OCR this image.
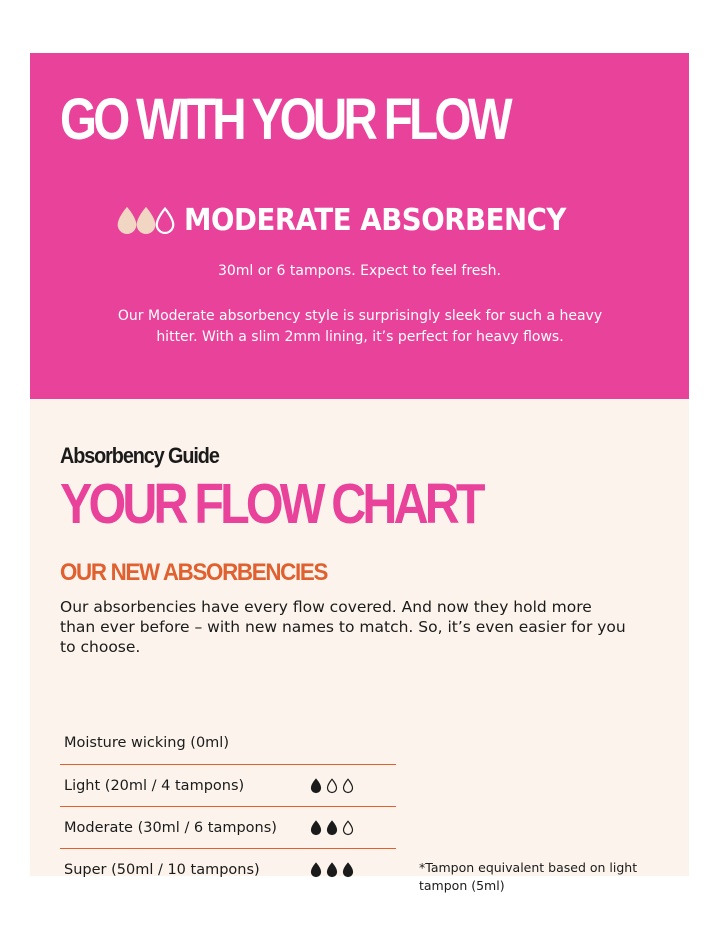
GO WITH YOUR FLOW
MODERATE ABSORBENCY

30ml or 6 tampons. Expect to feel fresh.

Our Moderate absorbency style is surprisingly sleek for such a heavy hitter. With a slim 2mm lining, it’s perfect for heavy flows.

Absorbency Guide
YOUR FLOW CHART
OUR NEW ABSORBENCIES

Our absorbencies have every flow covered. And now they hold more than ever before – with new names to match. So, it’s even easier for you to choose.

Moisture wicking (0ml)
Light (20ml / 4 tampons)
Moderate (30ml / 6 tampons)
Super (50ml / 10 tampons)	*Tampon equivalent based on light tampon (5ml)
